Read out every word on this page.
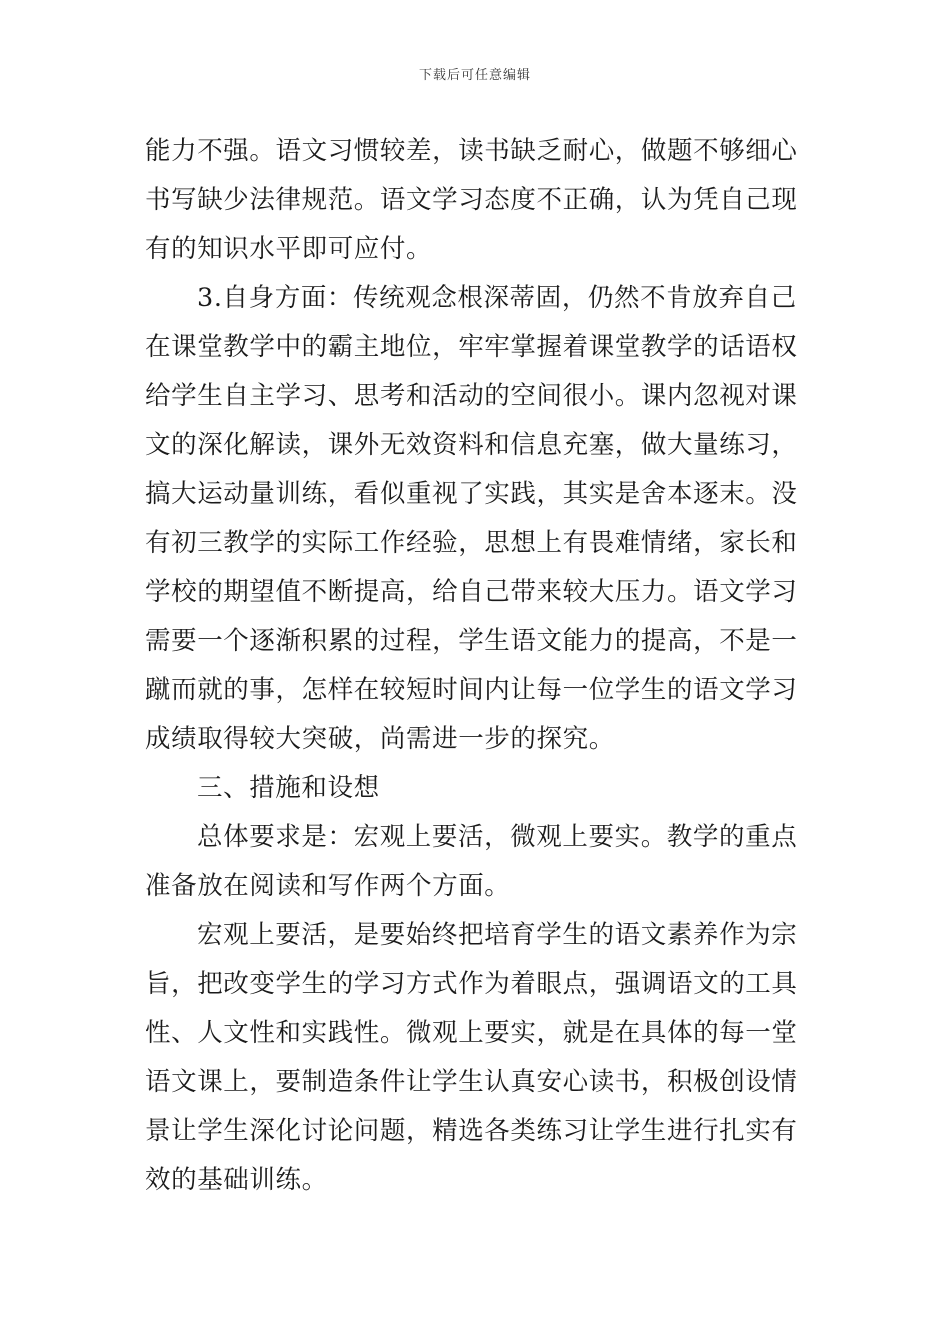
下载后可任意编辑
能力不强。语文习惯较差，读书缺乏耐心，做题不够细心
书写缺少法律规范。语文学习态度不正确，认为凭自己现
有的知识水平即可应付。
3.自身方面：传统观念根深蒂固，仍然不肯放弃自己
在课堂教学中的霸主地位，牢牢掌握着课堂教学的话语权
给学生自主学习、思考和活动的空间很小。课内忽视对课
文的深化解读，课外无效资料和信息充塞，做大量练习，
搞大运动量训练，看似重视了实践，其实是舍本逐末。没
有初三教学的实际工作经验，思想上有畏难情绪，家长和
学校的期望值不断提高，给自己带来较大压力。语文学习
需要一个逐渐积累的过程，学生语文能力的提高，不是一
蹴而就的事，怎样在较短时间内让每一位学生的语文学习
成绩取得较大突破，尚需进一步的探究。
三、措施和设想
总体要求是：宏观上要活，微观上要实。教学的重点
准备放在阅读和写作两个方面。
宏观上要活，是要始终把培育学生的语文素养作为宗
旨，把改变学生的学习方式作为着眼点，强调语文的工具
性、人文性和实践性。微观上要实，就是在具体的每一堂
语文课上，要制造条件让学生认真安心读书，积极创设情
景让学生深化讨论问题，精选各类练习让学生进行扎实有
效的基础训练。
